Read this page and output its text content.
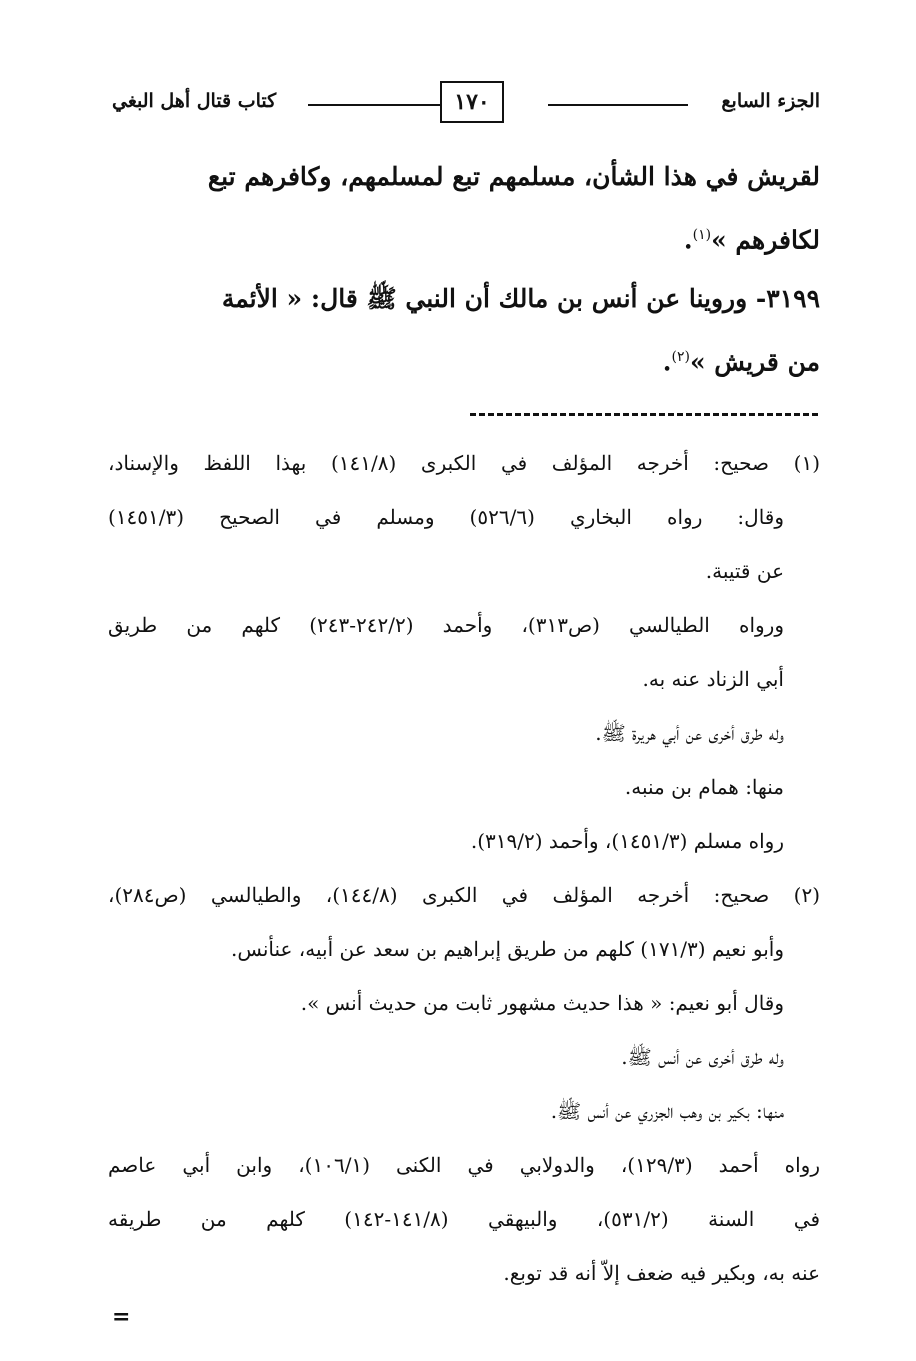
الجزء السابع
١٧٠
كتاب قتال أهل البغي
لقريش في هذا الشأن، مسلمهم تبع لمسلمهم، وكافرهم تبع
لكافرهم »$^{(١)}$.
٣١٩٩- وروينا عن أنس بن مالك أن النبي ﷺ قال: « الأئمة
من قريش »$^{(٢)}$.
(١) صحيح: أخرجه المؤلف في الكبرى (١٤١/٨) بهذا اللفظ والإسناد،
وقال: رواه البخاري (٥٢٦/٦) ومسلم في الصحيح (١٤٥١/٣)
عن قتيبة.
ورواه الطيالسي (ص٣١٣)، وأحمد (٢٤٢/٢-٢٤٣) كلهم من طريق
أبي الزناد عنه به.
وله طرق أخرى عن أبي هريرة ﷺ.
منها: همام بن منبه.
رواه مسلم (١٤٥١/٣)، وأحمد (٣١٩/٢).
(٢) صحيح: أخرجه المؤلف في الكبرى (١٤٤/٨)، والطيالسي (ص٢٨٤)،
وأبو نعيم (١٧١/٣) كلهم من طريق إبراهيم بن سعد عن أبيه، عنأنس.
وقال أبو نعيم: « هذا حديث مشهور ثابت من حديث أنس ».
وله طرق أخرى عن أنس ﷺ.
منها: بكير بن وهب الجزري عن أنس ﷺ.
رواه أحمد (١٢٩/٣)، والدولابي في الكنى (١٠٦/١)، وابن أبي عاصم
في السنة (٥٣١/٢)، والبيهقي (١٤١/٨-١٤٢) كلهم من طريقه
عنه به، وبكير فيه ضعف إلاّ أنه قد توبع.
=
